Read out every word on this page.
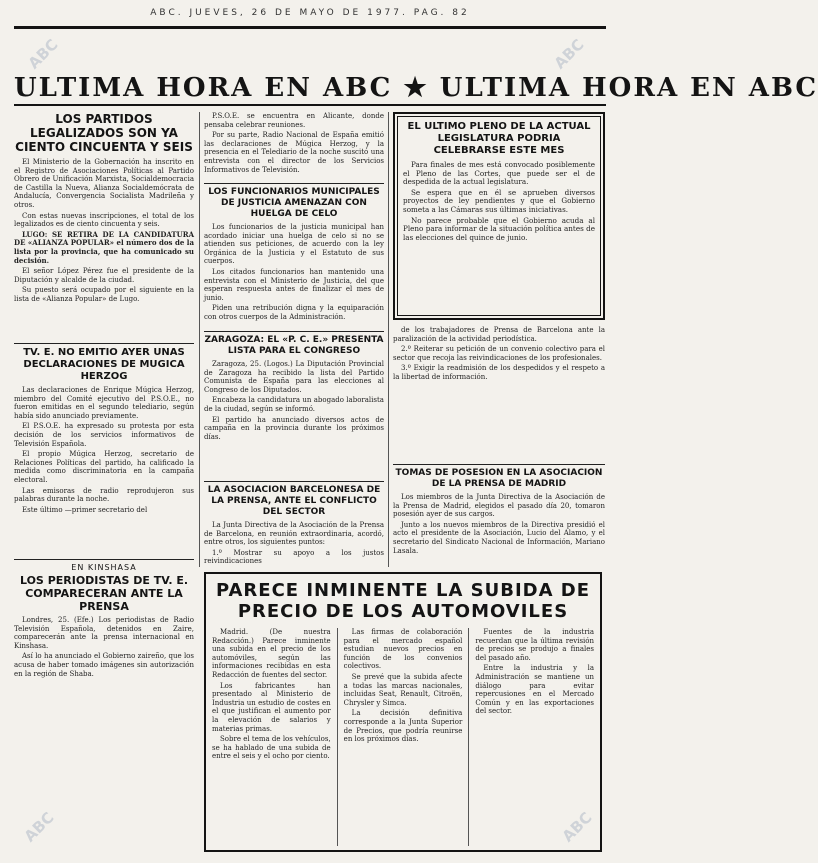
ABC. JUEVES, 26 DE MAYO DE 1977. PAG. 82
ABC	ABC
ABC	ABC
ULTIMA HORA EN ABC ★ ULTIMA HORA EN ABC
LOS PARTIDOS LEGALIZADOS SON YA CIENTO CINCUENTA Y SEIS

El Ministerio de la Gobernación ha inscrito en el Registro de Asociaciones Políticas al Partido Obrero de Unificación Marxista, Socialdemocracia de Castilla la Nueva, Alianza Socialdemócrata de Andalucía, Convergencia Socialista Madrileña y otros.

Con estas nuevas inscripciones, el total de los legalizados es de ciento cincuenta y seis.

LUGO: SE RETIRA DE LA CANDIDATURA DE «ALIANZA POPULAR» el número dos de la lista por la provincia, que ha comunicado su decisión.

El señor López Pérez fue el presidente de la Diputación y alcalde de la ciudad.

Su puesto será ocupado por el siguiente en la lista de «Alianza Popular» de Lugo.

TV. E. NO EMITIO AYER UNAS DECLARACIONES DE MUGICA HERZOG

Las declaraciones de Enrique Múgica Herzog, miembro del Comité ejecutivo del P.S.O.E., no fueron emitidas en el segundo telediario, según había sido anunciado previamente.

El P.S.O.E. ha expresado su protesta por esta decisión de los servicios informativos de Televisión Española.

El propio Múgica Herzog, secretario de Relaciones Políticas del partido, ha calificado la medida como discriminatoria en la campaña electoral.

Las emisoras de radio reprodujeron sus palabras durante la noche.

Este último —primer secretario del

EN KINSHASA
LOS PERIODISTAS DE TV. E. COMPARECERAN ANTE LA PRENSA

Londres, 25. (Efe.) Los periodistas de Radio Televisión Española, detenidos en Zaire, comparecerán ante la prensa internacional en Kinshasa.

Así lo ha anunciado el Gobierno zaireño, que los acusa de haber tomado imágenes sin autorización en la región de Shaba.

P.S.O.E. se encuentra en Alicante, donde pensaba celebrar reuniones.

Por su parte, Radio Nacional de España emitió las declaraciones de Múgica Herzog, y la presencia en el Telediario de la noche suscitó una entrevista con el director de los Servicios Informativos de Televisión.

LOS FUNCIONARIOS MUNICIPALES DE JUSTICIA AMENAZAN CON HUELGA DE CELO

Los funcionarios de la justicia municipal han acordado iniciar una huelga de celo si no se atienden sus peticiones, de acuerdo con la ley Orgánica de la Justicia y el Estatuto de sus cuerpos.

Los citados funcionarios han mantenido una entrevista con el Ministerio de Justicia, del que esperan respuesta antes de finalizar el mes de junio.

Piden una retribución digna y la equiparación con otros cuerpos de la Administración.

ZARAGOZA: EL «P. C. E.» PRESENTA LISTA PARA EL CONGRESO

Zaragoza, 25. (Logos.) La Diputación Provincial de Zaragoza ha recibido la lista del Partido Comunista de España para las elecciones al Congreso de los Diputados.

Encabeza la candidatura un abogado laboralista de la ciudad, según se informó.

El partido ha anunciado diversos actos de campaña en la provincia durante los próximos días.

LA ASOCIACION BARCELONESA DE LA PRENSA, ANTE EL CONFLICTO DEL SECTOR

La Junta Directiva de la Asociación de la Prensa de Barcelona, en reunión extraordinaria, acordó, entre otros, los siguientes puntos:

1.º Mostrar su apoyo a los justos reivindicaciones

EL ULTIMO PLENO DE LA ACTUAL LEGISLATURA PODRIA CELEBRARSE ESTE MES

Para finales de mes está convocado posiblemente el Pleno de las Cortes, que puede ser el de despedida de la actual legislatura.

Se espera que en él se aprueben diversos proyectos de ley pendientes y que el Gobierno someta a las Cámaras sus últimas iniciativas.

No parece probable que el Gobierno acuda al Pleno para informar de la situación política antes de las elecciones del quince de junio.

de los trabajadores de Prensa de Barcelona ante la paralización de la actividad periodística.

2.º Reiterar su petición de un convenio colectivo para el sector que recoja las reivindicaciones de los profesionales.

3.º Exigir la readmisión de los despedidos y el respeto a la libertad de información.

TOMAS DE POSESION EN LA ASOCIACION DE LA PRENSA DE MADRID

Los miembros de la Junta Directiva de la Asociación de la Prensa de Madrid, elegidos el pasado día 20, tomaron posesión ayer de sus cargos.

Junto a los nuevos miembros de la Directiva presidió el acto el presidente de la Asociación, Lucio del Alamo, y el secretario del Sindicato Nacional de Información, Mariano Lasala.

PARECE INMINENTE LA SUBIDA DE PRECIO DE LOS AUTOMOVILES

Madrid. (De nuestra Redacción.) Parece inminente una subida en el precio de los automóviles, según las informaciones recibidas en esta Redacción de fuentes del sector.

Los fabricantes han presentado al Ministerio de Industria un estudio de costes en el que justifican el aumento por la elevación de salarios y materias primas.

Sobre el tema de los vehículos, se ha hablado de una subida de entre el seis y el ocho por ciento.

Las firmas de colaboración para el mercado español estudian nuevos precios en función de los convenios colectivos.

Se prevé que la subida afecte a todas las marcas nacionales, incluidas Seat, Renault, Citroën, Chrysler y Simca.

La decisión definitiva corresponde a la Junta Superior de Precios, que podría reunirse en los próximos días.

Fuentes de la industria recuerdan que la última revisión de precios se produjo a finales del pasado año.

Entre la industria y la Administración se mantiene un diálogo para evitar repercusiones en el Mercado Común y en las exportaciones del sector.
